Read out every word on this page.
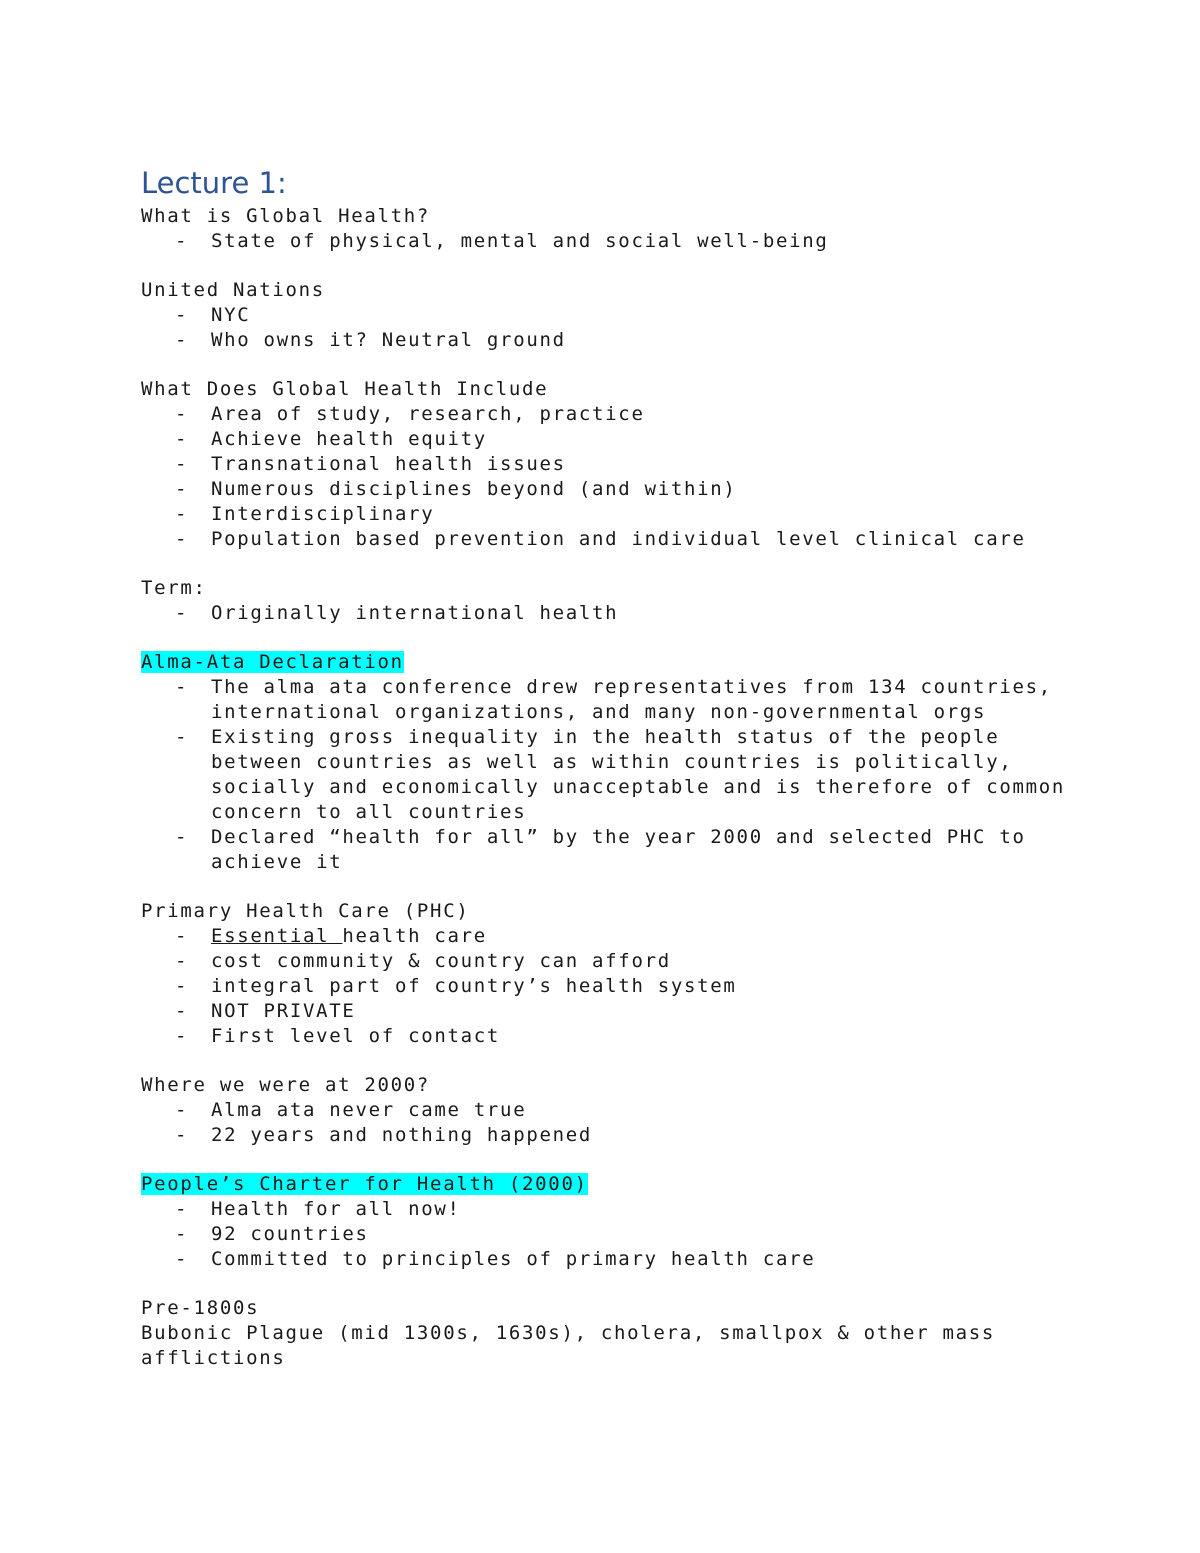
Lecture 1:
What is Global Health?
- State of physical, mental and social well-being
United Nations
- NYC
- Who owns it? Neutral ground
What Does Global Health Include
- Area of study, research, practice
- Achieve health equity
- Transnational health issues
- Numerous disciplines beyond (and within)
- Interdisciplinary
- Population based prevention and individual level clinical care
Term:
- Originally international health
Alma-Ata Declaration
- The alma ata conference drew representatives from 134 countries, international organizations, and many non-governmental orgs
- Existing gross inequality in the health status of the people between countries as well as within countries is politically, socially and economically unacceptable and is therefore of common concern to all countries
- Declared “health for all” by the year 2000 and selected PHC to achieve it
Primary Health Care (PHC)
- Essential health care
- cost community & country can afford
- integral part of country’s health system
- NOT PRIVATE
- First level of contact
Where we were at 2000?
- Alma ata never came true
- 22 years and nothing happened
People’s Charter for Health (2000)
- Health for all now!
- 92 countries
- Committed to principles of primary health care
Pre-1800s
Bubonic Plague (mid 1300s, 1630s), cholera, smallpox & other mass afflictions
